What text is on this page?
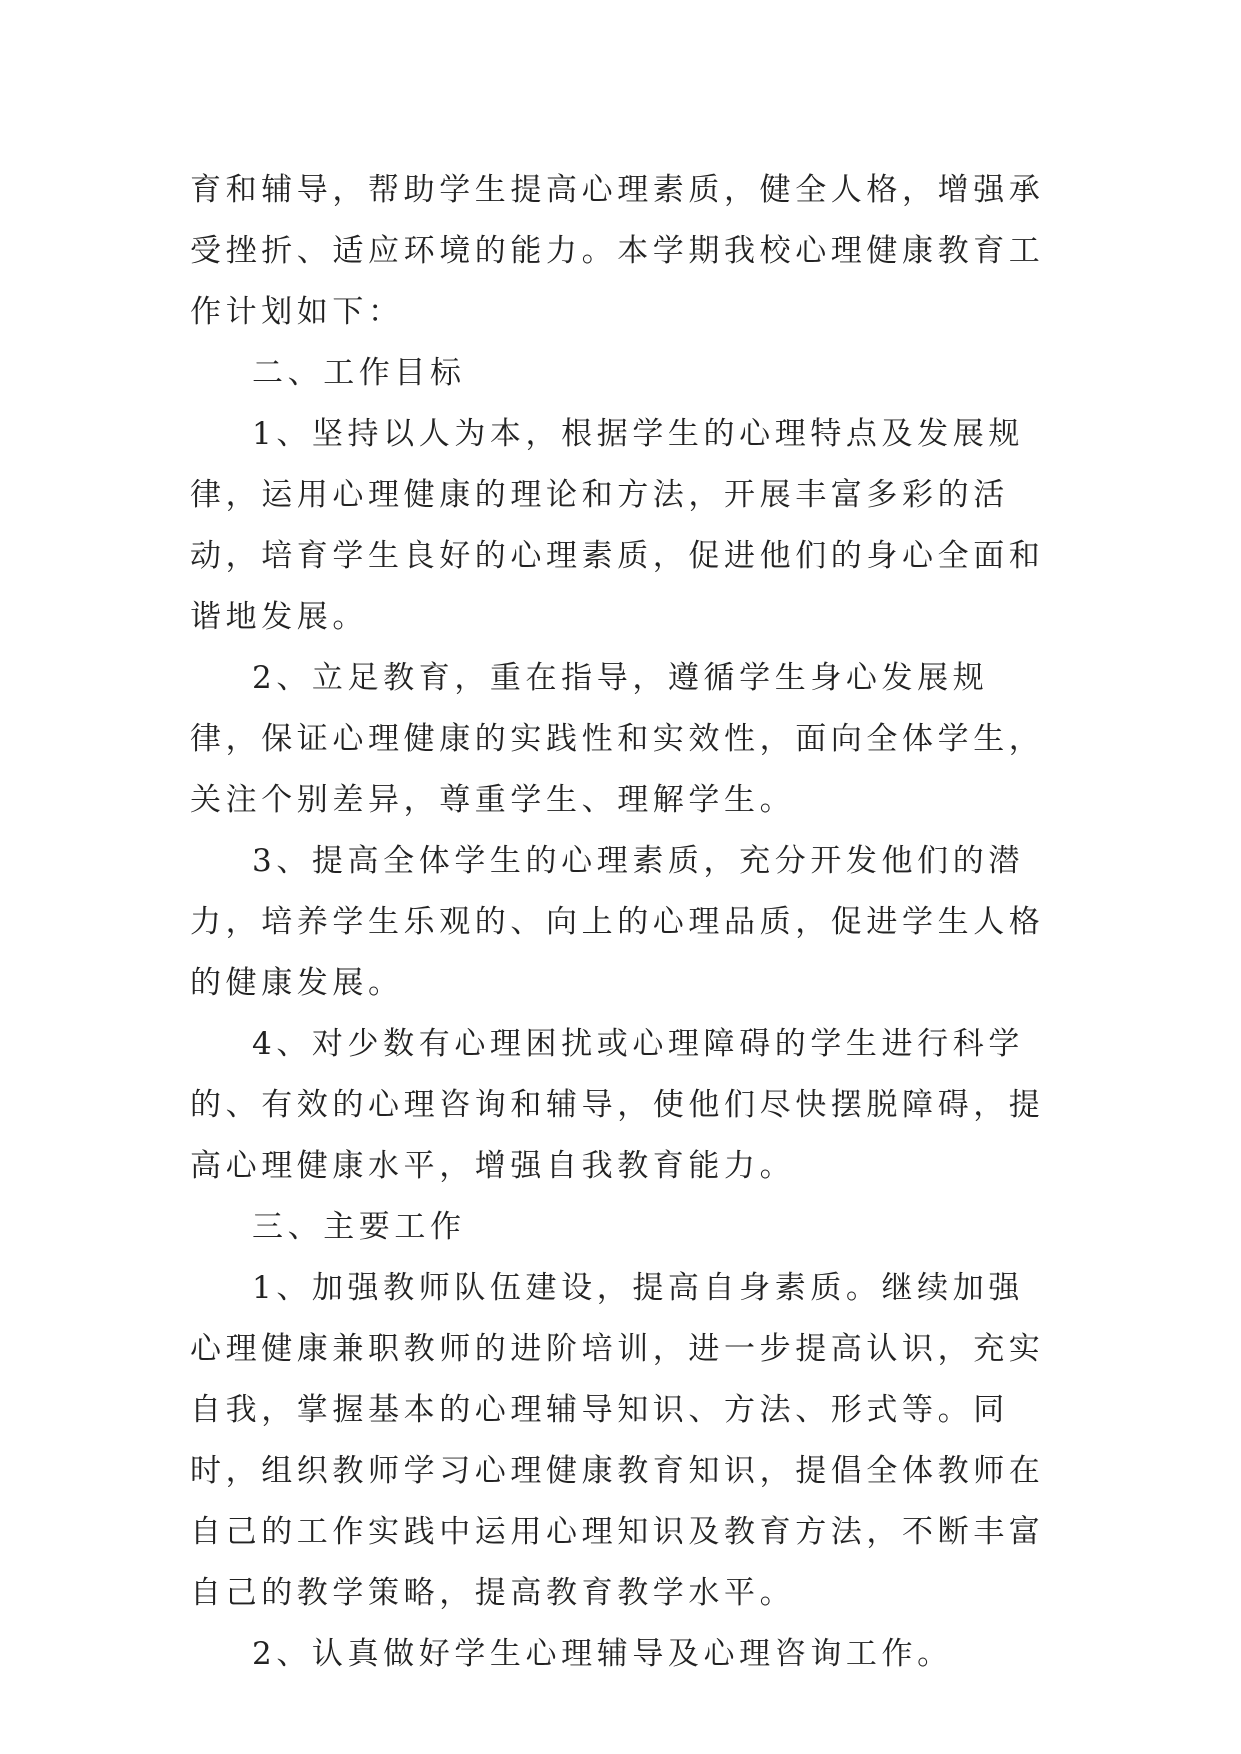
育和辅导，帮助学生提高心理素质，健全人格，增强承受挫折、适应环境的能力。本学期我校心理健康教育工作计划如下：

二、工作目标

1、坚持以人为本，根据学生的心理特点及发展规律，运用心理健康的理论和方法，开展丰富多彩的活动，培育学生良好的心理素质，促进他们的身心全面和谐地发展。

2、立足教育，重在指导，遵循学生身心发展规律，保证心理健康的实践性和实效性，面向全体学生，关注个别差异，尊重学生、理解学生。

3、提高全体学生的心理素质，充分开发他们的潜力，培养学生乐观的、向上的心理品质，促进学生人格的健康发展。

4、对少数有心理困扰或心理障碍的学生进行科学的、有效的心理咨询和辅导，使他们尽快摆脱障碍，提高心理健康水平，增强自我教育能力。

三、主要工作

1、加强教师队伍建设，提高自身素质。继续加强心理健康兼职教师的进阶培训，进一步提高认识，充实自我，掌握基本的心理辅导知识、方法、形式等。同时，组织教师学习心理健康教育知识，提倡全体教师在自己的工作实践中运用心理知识及教育方法，不断丰富自己的教学策略，提高教育教学水平。

2、认真做好学生心理辅导及心理咨询工作。
